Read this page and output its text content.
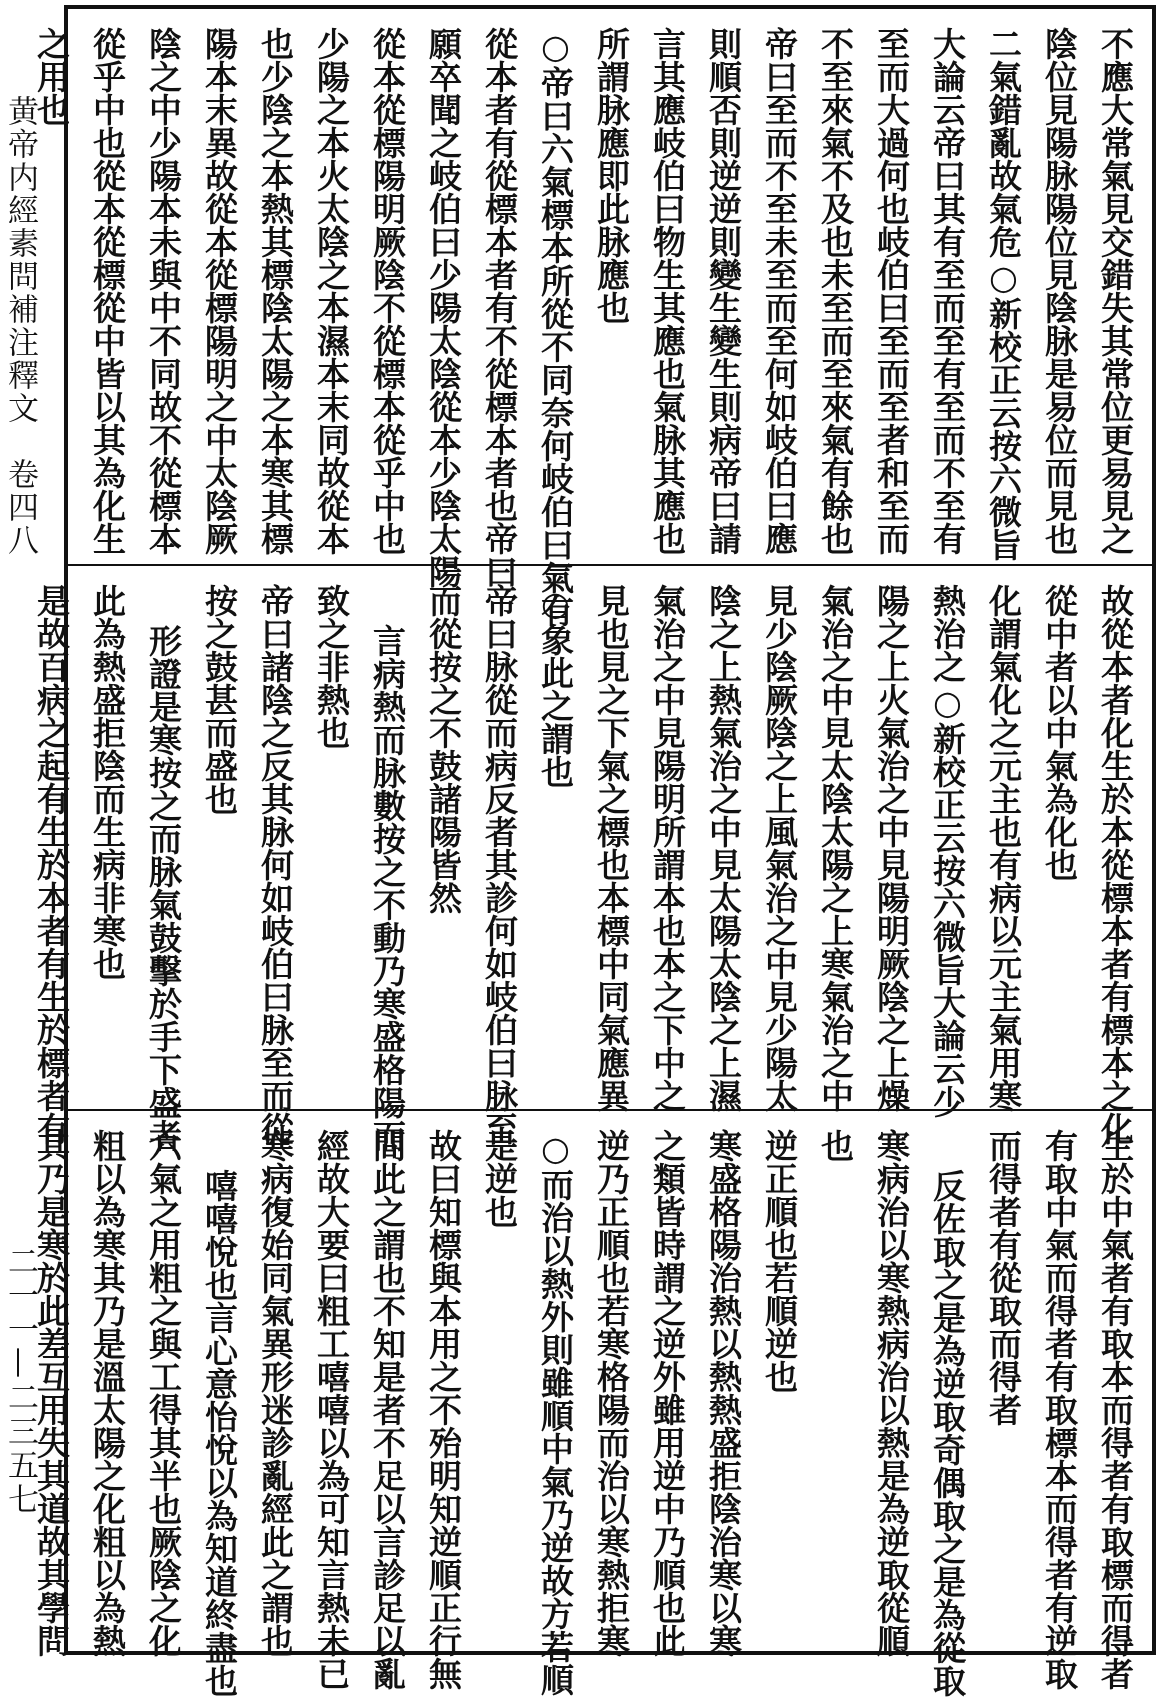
黄帝内經素問補注釋文　卷四八
二一一—二三五七
不應大常氣見交錯失其常位更易見之
陰位見陽脉陽位見陰脉是易位而見也
二氣錯亂故氣危○新校正云按六微旨
大論云帝曰其有至而至有至而不至有
至而大過何也岐伯曰至而至者和至而
不至來氣不及也未至而至來氣有餘也
帝曰至而不至未至而至何如岐伯曰應
則順否則逆逆則變生變生則病帝曰請
言其應岐伯曰物生其應也氣脉其應也
所謂脉應即此脉應也
○帝曰六氣標本所從不同奈何岐伯曰氣有
從本者有從標本者有不從標本者也帝曰
願卒聞之岐伯曰少陽太陰從本少陰太陽
從本從標陽明厥陰不從標本從乎中也
少陽之本火太陰之本濕本末同故從本
也少陰之本熱其標陰太陽之本寒其標
陽本末異故從本從標陽明之中太陰厥
陰之中少陽本未與中不同故不從標本
從乎中也從本從標從中皆以其為化生
之用也
故從本者化生於本從標本者有標本之化
從中者以中氣為化也
化謂氣化之元主也有病以元主氣用寒
熱治之○新校正云按六微旨大論云少
陽之上火氣治之中見陽明厥陰之上燥
氣治之中見太陰太陽之上寒氣治之中
見少陰厥陰之上風氣治之中見少陽太
陰之上熱氣治之中見太陽太陰之上濕
氣治之中見陽明所謂本也本之下中之
見也見之下氣之標也本標中同氣應異
○象此之謂也
帝曰脉從而病反者其診何如岐伯曰脉至
而從按之不鼓諸陽皆然
言病熱而脉數按之不動乃寒盛格陽而
致之非熱也
帝曰諸陰之反其脉何如岐伯曰脉至而從
按之鼓甚而盛也
形證是寒按之而脉氣鼓擊於手下盛者
此為熱盛拒陰而生病非寒也
是故百病之起有生於本者有生於標者有
生於中氣者有取本而得者有取標而得者
有取中氣而得者有取標本而得者有逆取
而得者有從取而得者
反佐取之是為逆取奇偶取之是為從取
寒病治以寒熱病治以熱是為逆取從順
也
逆正順也若順逆也
寒盛格陽治熱以熱熱盛拒陰治寒以寒
之類皆時謂之逆外雖用逆中乃順也此
逆乃正順也若寒格陽而治以寒熱拒寒
○而治以熱外則雖順中氣乃逆故方若順
是逆也
故曰知標與本用之不殆明知逆順正行無
間此之謂也不知是者不足以言診足以亂
經故大要曰粗工嘻嘻以為可知言熱未已
寒病復始同氣異形迷診亂經此之謂也
嘻嘻悅也言心意怡悅以為知道終盡也
六氣之用粗之與工得其半也厥陰之化
粗以為寒其乃是溫太陽之化粗以為熱
其乃是寒於此差互用失其道故其學問
